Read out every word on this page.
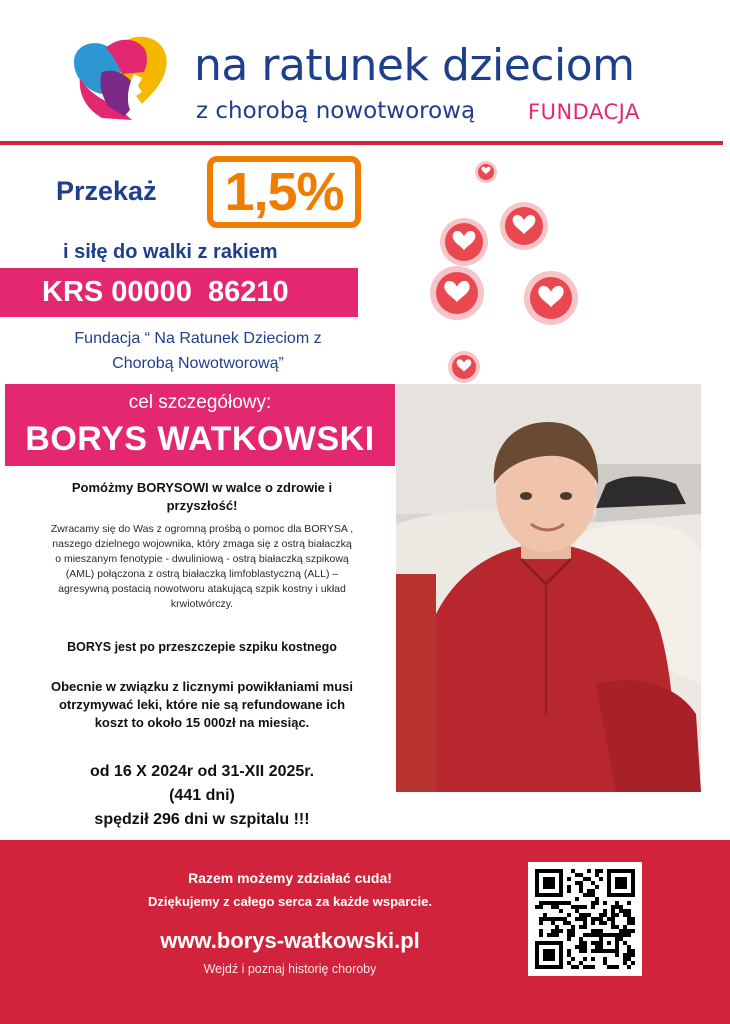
na ratunek dzieciom
z chorobą nowotworową	FUNDACJA
Przekaż 1,5%
i siłę do walki z rakiem
KRS 00000  86210
Fundacja “ Na Ratunek Dzieciom z
Chorobą Nowotworową”
cel szczegółowy:
BORYS WATKOWSKI
Pomóżmy BORYSOWI w walce o zdrowie i
przyszłość!
Zwracamy się do Was z ogromną prośbą o pomoc dla BORYSA ,
naszego dzielnego wojownika, który zmaga się z ostrą białaczką
o mieszanym fenotypie - dwuliniową - ostrą białaczką szpikową
(AML) połączona z ostrą białaczką limfoblastyczną (ALL) –
agresywną postacią nowotworu atakującą szpik kostny i układ
krwiotwórczy.
BORYS jest po przeszczepie szpiku kostnego
Obecnie w związku z licznymi powikłaniami musi
otrzymywać leki, które nie są refundowane ich
koszt to około 15 000zł na miesiąc.
od 16 X 2024r od 31-XII 2025r.
(441 dni)
spędził 296 dni w szpitalu !!!
Razem możemy zdziałać cuda!
Dziękujemy z całego serca za każde wsparcie.
www.borys-watkowski.pl
Wejdź i poznaj historię choroby
